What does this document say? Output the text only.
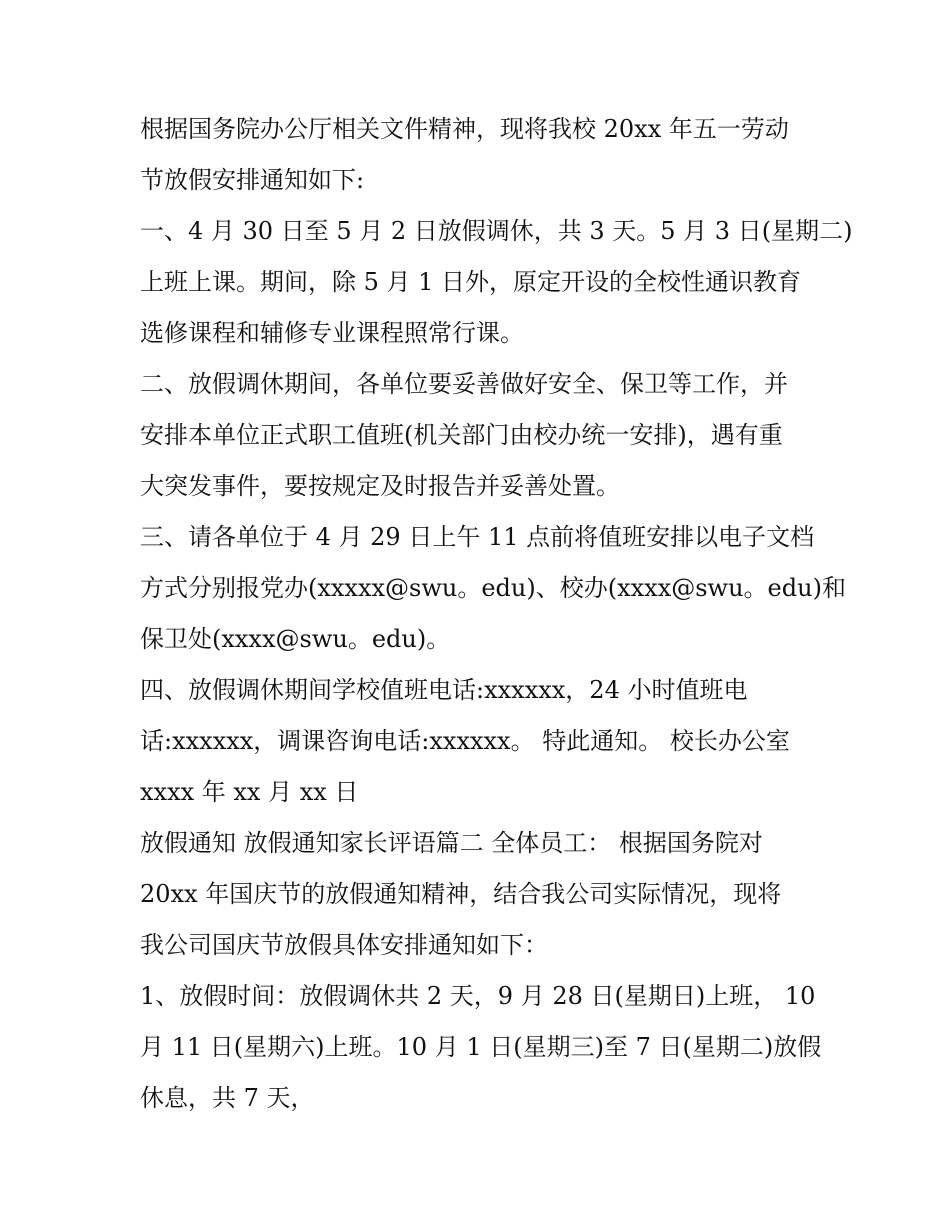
根据国务院办公厅相关文件精神，现将我校 20xx 年五一劳动
节放假安排通知如下:
一、4 月 30 日至 5 月 2 日放假调休，共 3 天。5 月 3 日(星期二)
上班上课。期间，除 5 月 1 日外，原定开设的全校性通识教育
选修课程和辅修专业课程照常行课。
二、放假调休期间，各单位要妥善做好安全、保卫等工作，并
安排本单位正式职工值班(机关部门由校办统一安排)，遇有重
大突发事件，要按规定及时报告并妥善处置。
三、请各单位于 4 月 29 日上午 11 点前将值班安排以电子文档
方式分别报党办(xxxxx@swu。edu)、校办(xxxx@swu。edu)和
保卫处(xxxx@swu。edu)。
四、放假调休期间学校值班电话:xxxxxx，24 小时值班电
话:xxxxxx，调课咨询电话:xxxxxx。 特此通知。 校长办公室
xxxx 年 xx 月 xx 日
放假通知 放假通知家长评语篇二 全体员工： 根据国务院对
20xx 年国庆节的放假通知精神，结合我公司实际情况，现将
我公司国庆节放假具体安排通知如下：
1、放假时间：放假调休共 2 天，9 月 28 日(星期日)上班， 10
月 11 日(星期六)上班。10 月 1 日(星期三)至 7 日(星期二)放假
休息，共 7 天，
